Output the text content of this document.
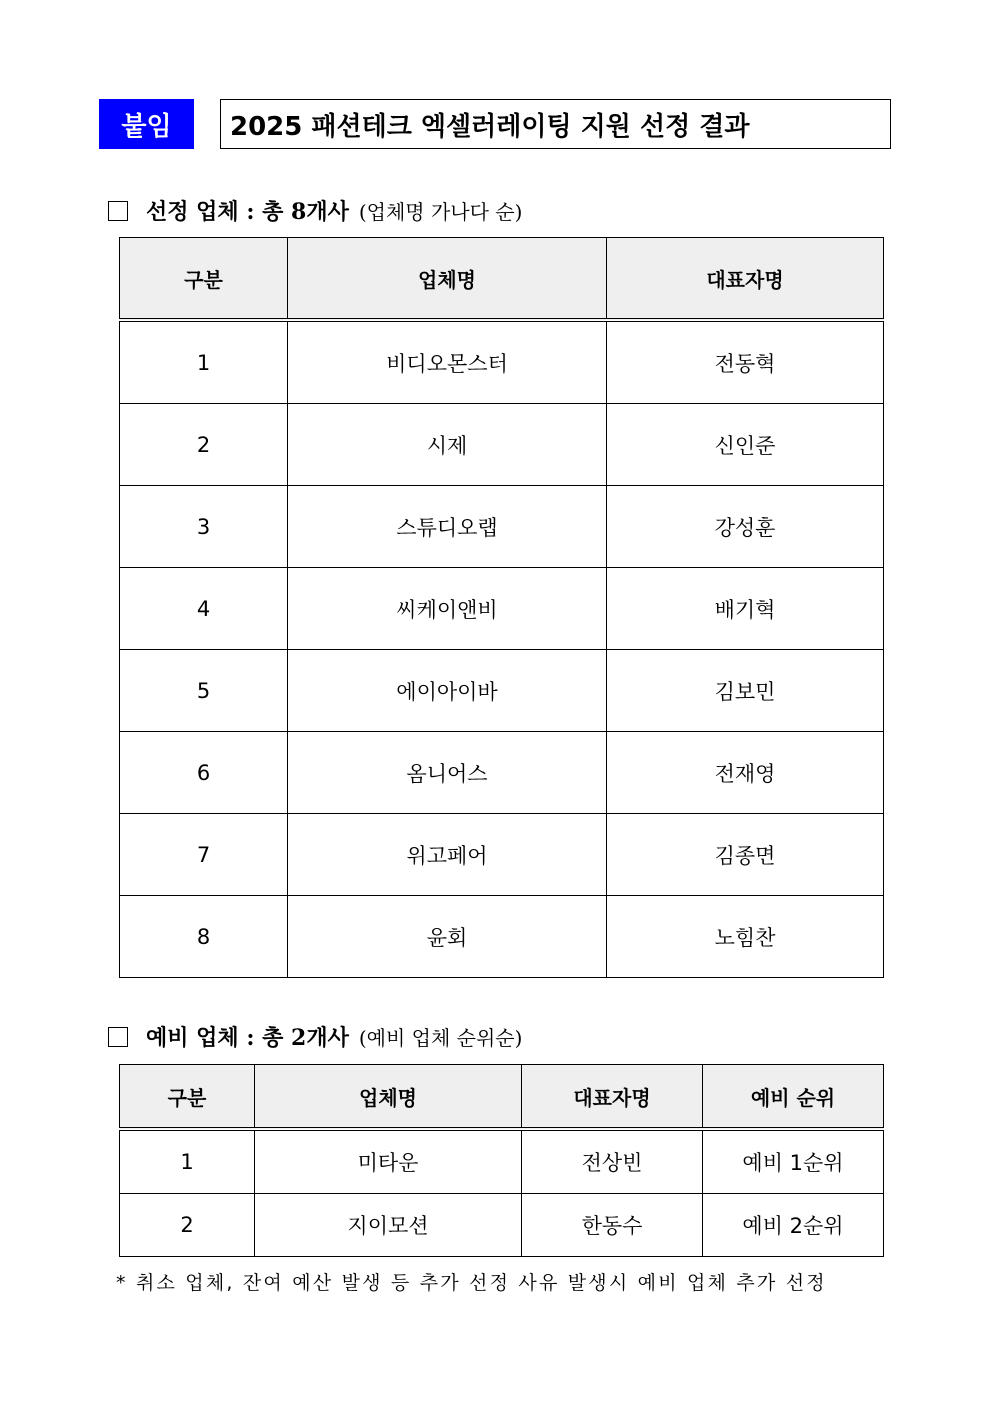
붙임	2025 패션테크 엑셀러레이팅 지원 선정 결과
선정 업체 : 총 8개사 (업체명 가나다 순)
구분	업체명	대표자명
1	비디오몬스터	전동혁
2	시제	신인준
3	스튜디오랩	강성훈
4	씨케이앤비	배기혁
5	에이아이바	김보민
6	옴니어스	전재영
7	위고페어	김종면
8	윤회	노힘찬
예비 업체 : 총 2개사 (예비 업체 순위순)
구분	업체명	대표자명	예비 순위
1	미타운	전상빈	예비 1순위
2	지이모션	한동수	예비 2순위
* 취소 업체, 잔여 예산 발생 등 추가 선정 사유 발생시 예비 업체 추가 선정
